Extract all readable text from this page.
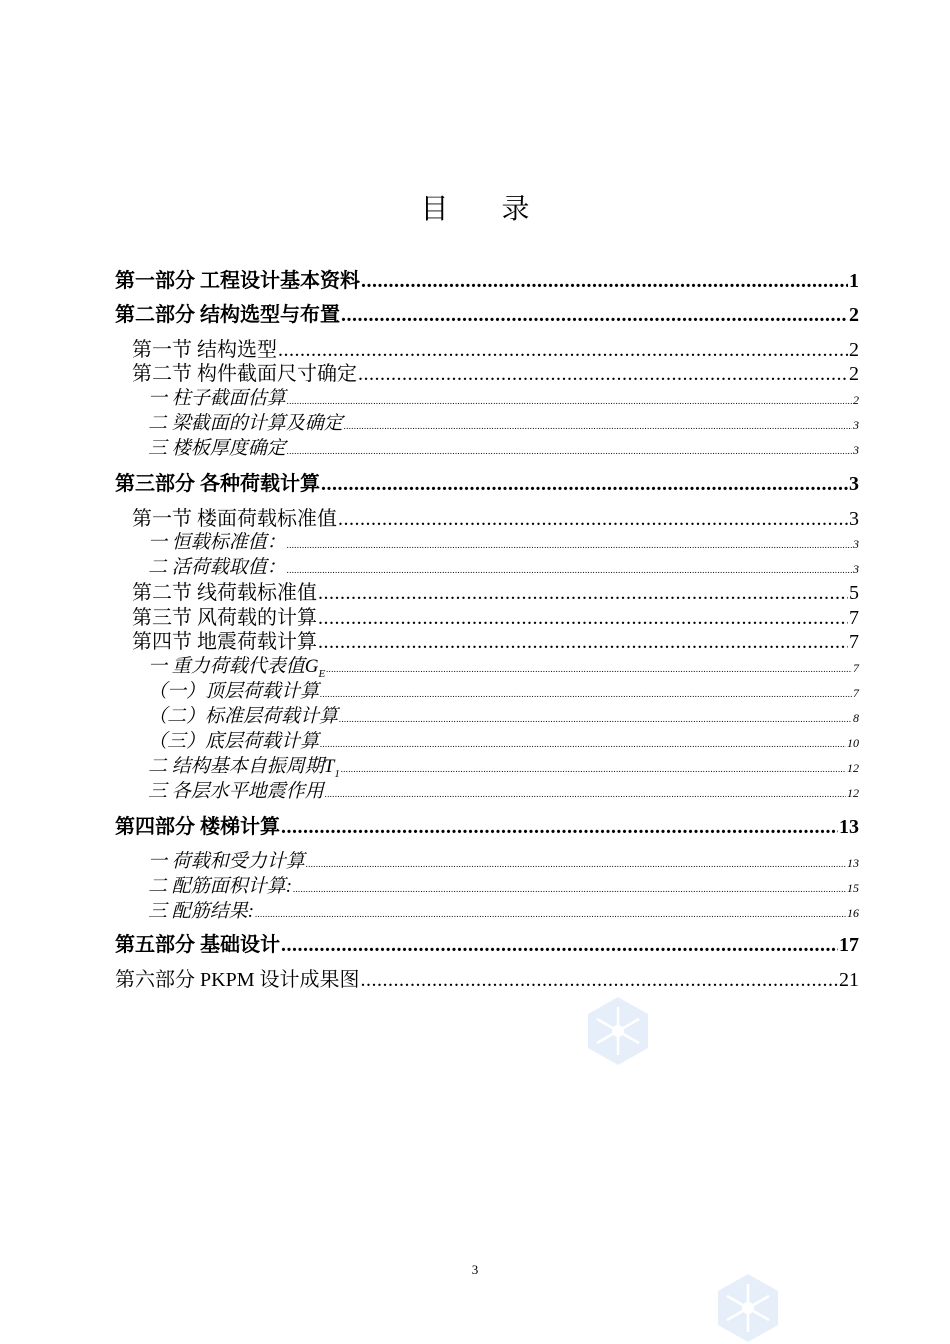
目 录
第一部分 工程设计基本资料 .....	1
第二部分 结构选型与布置 .....	2
第一节 结构选型 .....	2
第二节 构件截面尺寸确定 .....	2
一 柱子截面估算 .....	2
二 梁截面的计算及确定 .....	3
三 楼板厚度确定 .....	3
第三部分 各种荷载计算 .....	3
第一节 楼面荷载标准值 .....	3
一 恒载标准值： .....	3
二 活荷载取值： .....	3
第二节 线荷载标准值 .....	5
第三节 风荷载的计算 .....	7
第四节 地震荷载计算 .....	7
一 重力荷载代表值$G_E$ .....	7
（一）顶层荷载计算 .....	7
（二）标准层荷载计算 .....	8
（三）底层荷载计算 .....	10
二 结构基本自振周期$T_1$ .....	12
三 各层水平地震作用 .....	12
第四部分 楼梯计算 .....	13
一 荷载和受力计算 .....	13
二 配筋面积计算: .....	15
三 配筋结果: .....	16
第五部分 基础设计 .....	17
第六部分 PKPM 设计成果图 .....	21
3
